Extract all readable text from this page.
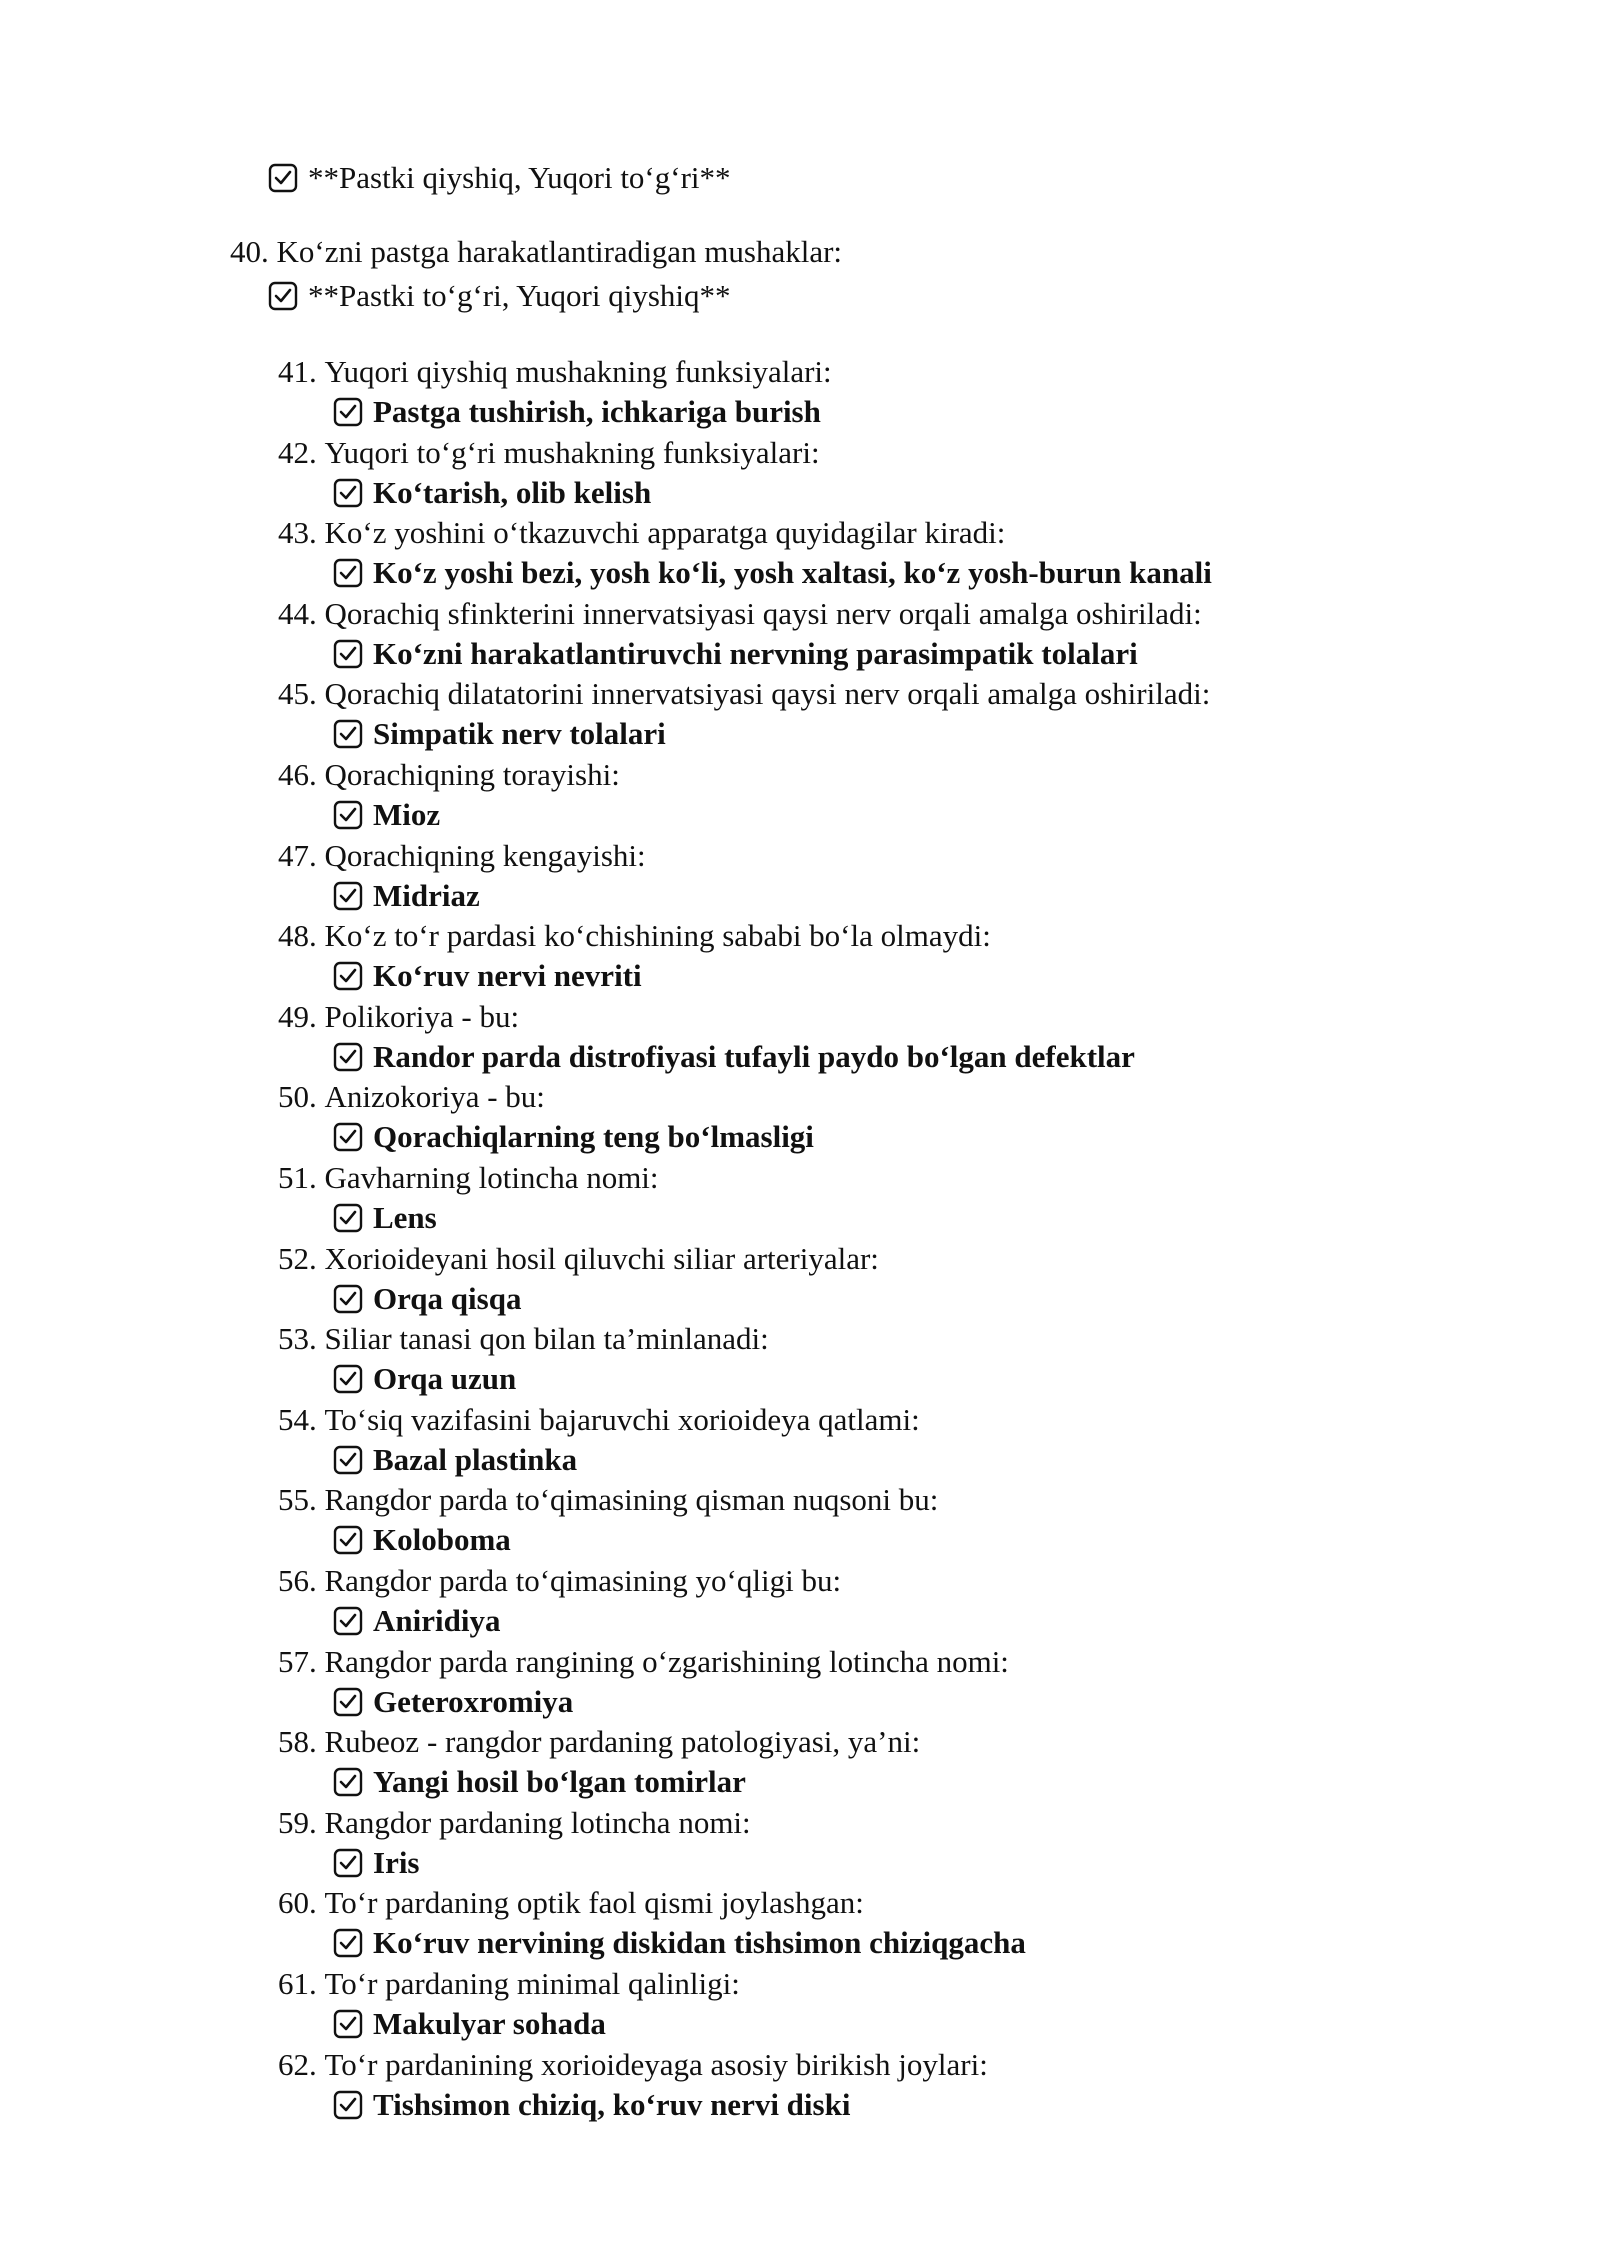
**Pastki qiyshiq, Yuqori to‘g‘ri**
40. Ko‘zni pastga harakatlantiradigan mushaklar:
**Pastki to‘g‘ri, Yuqori qiyshiq**
41. Yuqori qiyshiq mushakning funksiyalari:
Pastga tushirish, ichkariga burish
42. Yuqori to‘g‘ri mushakning funksiyalari:
Ko‘tarish, olib kelish
43. Ko‘z yoshini o‘tkazuvchi apparatga quyidagilar kiradi:
Ko‘z yoshi bezi, yosh ko‘li, yosh xaltasi, ko‘z yosh-burun kanali
44. Qorachiq sfinkterini innervatsiyasi qaysi nerv orqali amalga oshiriladi:
Ko‘zni harakatlantiruvchi nervning parasimpatik tolalari
45. Qorachiq dilatatorini innervatsiyasi qaysi nerv orqali amalga oshiriladi:
Simpatik nerv tolalari
46. Qorachiqning torayishi:
Mioz
47. Qorachiqning kengayishi:
Midriaz
48. Ko‘z to‘r pardasi ko‘chishining sababi bo‘la olmaydi:
Ko‘ruv nervi nevriti
49. Polikoriya - bu:
Randor parda distrofiyasi tufayli paydo bo‘lgan defektlar
50. Anizokoriya - bu:
Qorachiqlarning teng bo‘lmasligi
51. Gavharning lotincha nomi:
Lens
52. Xorioideyani hosil qiluvchi siliar arteriyalar:
Orqa qisqa
53. Siliar tanasi qon bilan ta’minlanadi:
Orqa uzun
54. To‘siq vazifasini bajaruvchi xorioideya qatlami:
Bazal plastinka
55. Rangdor parda to‘qimasining qisman nuqsoni bu:
Koloboma
56. Rangdor parda to‘qimasining yo‘qligi bu:
Aniridiya
57. Rangdor parda rangining o‘zgarishining lotincha nomi:
Geteroxromiya
58. Rubeoz - rangdor pardaning patologiyasi, ya’ni:
Yangi hosil bo‘lgan tomirlar
59. Rangdor pardaning lotincha nomi:
Iris
60. To‘r pardaning optik faol qismi joylashgan:
Ko‘ruv nervining diskidan tishsimon chiziqgacha
61. To‘r pardaning minimal qalinligi:
Makulyar sohada
62. To‘r pardanining xorioideyaga asosiy birikish joylari:
Tishsimon chiziq, ko‘ruv nervi diski
